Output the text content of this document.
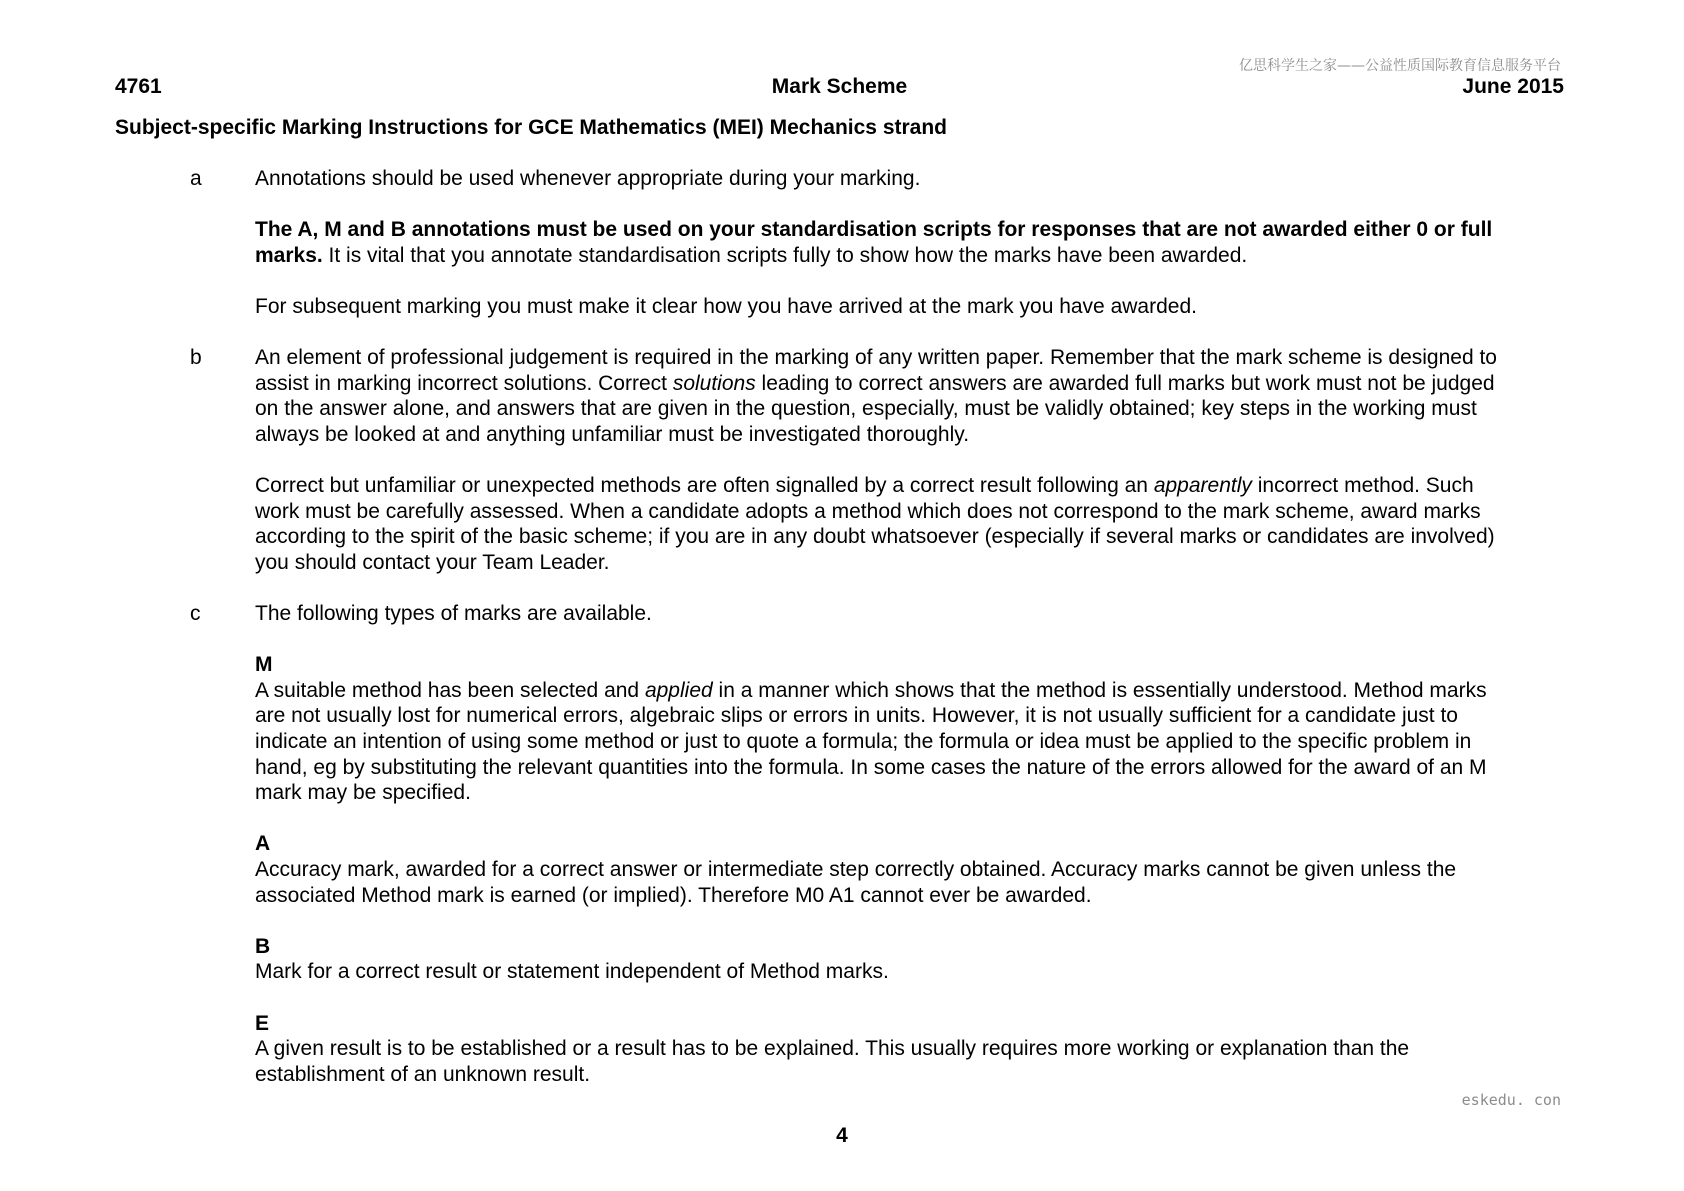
亿思科学生之家——公益性质国际教育信息服务平台
4761	Mark Scheme	June 2015
Subject-specific Marking Instructions for GCE Mathematics (MEI) Mechanics strand
a	Annotations should be used whenever appropriate during your marking.

The A, M and B annotations must be used on your standardisation scripts for responses that are not awarded either 0 or full marks. It is vital that you annotate standardisation scripts fully to show how the marks have been awarded.

For subsequent marking you must make it clear how you have arrived at the mark you have awarded.

b	An element of professional judgement is required in the marking of any written paper. Remember that the mark scheme is designed to assist in marking incorrect solutions. Correct solutions leading to correct answers are awarded full marks but work must not be judged on the answer alone, and answers that are given in the question, especially, must be validly obtained; key steps in the working must always be looked at and anything unfamiliar must be investigated thoroughly.

Correct but unfamiliar or unexpected methods are often signalled by a correct result following an apparently incorrect method. Such work must be carefully assessed. When a candidate adopts a method which does not correspond to the mark scheme, award marks according to the spirit of the basic scheme; if you are in any doubt whatsoever (especially if several marks or candidates are involved) you should contact your Team Leader.

c	The following types of marks are available.

M
A suitable method has been selected and applied in a manner which shows that the method is essentially understood. Method marks are not usually lost for numerical errors, algebraic slips or errors in units. However, it is not usually sufficient for a candidate just to indicate an intention of using some method or just to quote a formula; the formula or idea must be applied to the specific problem in hand, eg by substituting the relevant quantities into the formula. In some cases the nature of the errors allowed for the award of an M mark may be specified.

A
Accuracy mark, awarded for a correct answer or intermediate step correctly obtained. Accuracy marks cannot be given unless the associated Method mark is earned (or implied). Therefore M0 A1 cannot ever be awarded.

B
Mark for a correct result or statement independent of Method marks.

E
A given result is to be established or a result has to be explained. This usually requires more working or explanation than the establishment of an unknown result.

eskedu. con
4
